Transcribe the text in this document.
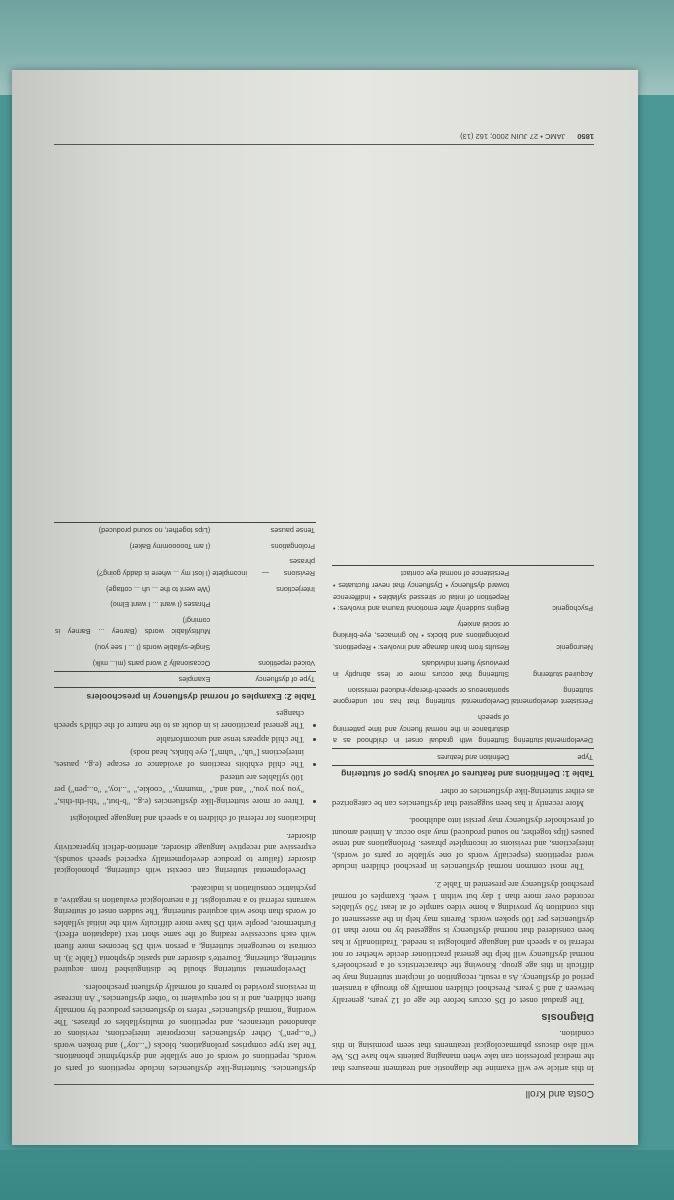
Costa and Kroll

In this article we will examine the diagnostic and treatment measures that the medical profession can take when managing patients who have DS. We will also discuss pharmacological treatments that seem promising in this condition.

Diagnosis

The gradual onset of DS occurs before the age of 12 years, generally between 2 and 5 years. Preschool children normally go through a transient period of dysfluency. As a result, recognition of incipient stuttering may be difficult in this age group. Knowing the characteristics of a preschooler's normal dysfluency will help the general practitioner decide whether or not referral to a speech and language pathologist is needed. Traditionally it has been considered that normal dysfluency is suggested by no more than 10 dysfluencies per 100 spoken words. Parents may help in the assessment of this condition by providing a home video sample of at least 750 syllables recorded over more than 1 day but within 1 week. Examples of normal preschool dysfluency are presented in Table 2.

The most common normal dysfluencies in preschool children include word repetitions (especially words of one syllable or parts of words), interjections, and revisions or incomplete phrases. Prolongations and tense pauses (lips together, no sound produced) may also occur. A limited amount of preschooler dysfluency may persist into adulthood.

More recently it has been suggested that dysfluencies can be categorized as either stuttering-like dysfluencies or other

Table 1: Definitions and features of various types of stuttering
Type	Definition and features
Developmental stuttering	Stuttering with gradual onset in childhood as a disturbance in the normal fluency and time patterning of speech
Persistent developmental stuttering	Developmental stuttering that has not undergone spontaneous or speech-therapy-induced remission
Acquired stuttering	Stuttering that occurs more or less abruptly in previously fluent individuals
Neurogenic	Results from brain damage and involves: • Repetitions, prolongations and blocks • No grimaces, eye-blinking or social anxiety
Psychogenic	Begins suddenly after emotional trauma and involves: • Repetition of initial or stressed syllables • Indifference toward dysfluency • Dysfluency that never fluctuates • Persistence of normal eye contact

dysfluencies. Stuttering-like dysfluencies include repetitions of parts of words, repetitions of words of one syllable and dysrhythmic phonations. The last type comprises prolongations, blocks ("...toy") and broken words ("o...pen"). Other dysfluencies incorporate interjections, revisions or abandoned utterances, and repetitions of multisyllables or phrases. The wording "normal dysfluencies" refers to dysfluencies produced by normally fluent children, and it is not equivalent to "other dysfluencies." An increase in revisions provided to parents of normally dysfluent preschoolers.

Developmental stuttering should be distinguished from acquired stuttering, cluttering, Tourette's disorder and spastic dysphonia (Table 3). In contrast to neurogenic stuttering, a person with DS becomes more fluent with each successive reading of the same short text (adaptation effect). Furthermore, people with DS have more difficulty with the initial syllables of words than those with acquired stuttering. The sudden onset of stuttering warrants referral to a neurologist. If a neurological evaluation is negative, a psychiatric consultation is indicated.

Developmental stuttering can coexist with cluttering, phonological disorder (failure to produce developmentally expected speech sounds), expressive and receptive language disorder, attention-deficit hyperactivity disorder.

Indications for referral of children to a speech and language pathologist

• Three or more stuttering-like dysfluencies (e.g., "b-but," "thi-thi-this," "you you you," "and and," "mummy," "cookie," "...toy," "o...pen") per 100 syllables are uttered
• The child exhibits reactions of avoidance or escape (e.g., pauses, interjections ["uh," "uhm"], eye blinks, head nods)
• The child appears tense and uncomfortable
• The general practitioner is in doubt as to the nature of the child's speech changes
Table 2: Examples of normal dysfluency in preschoolers
Type of dysfluency	Examples
Voiced repetitions	Occasionally 2 word parts (mi... milk)
	Single-syllable words (I ... I see you)
	Multisyllabic words (Barney ... Barney is coming!)
	Phrases (I want ... I want Elmo)
Interjections	(We went to the ... uh ... cottage)
Revisions — incomplete phrases	(I lost my ... where is daddy going?)
Prolongations	(I am Tooooommy Baker)
Tense pauses	(Lips together, no sound produced)
1850
JAMC • 27 JUIN 2000; 162 (13)
